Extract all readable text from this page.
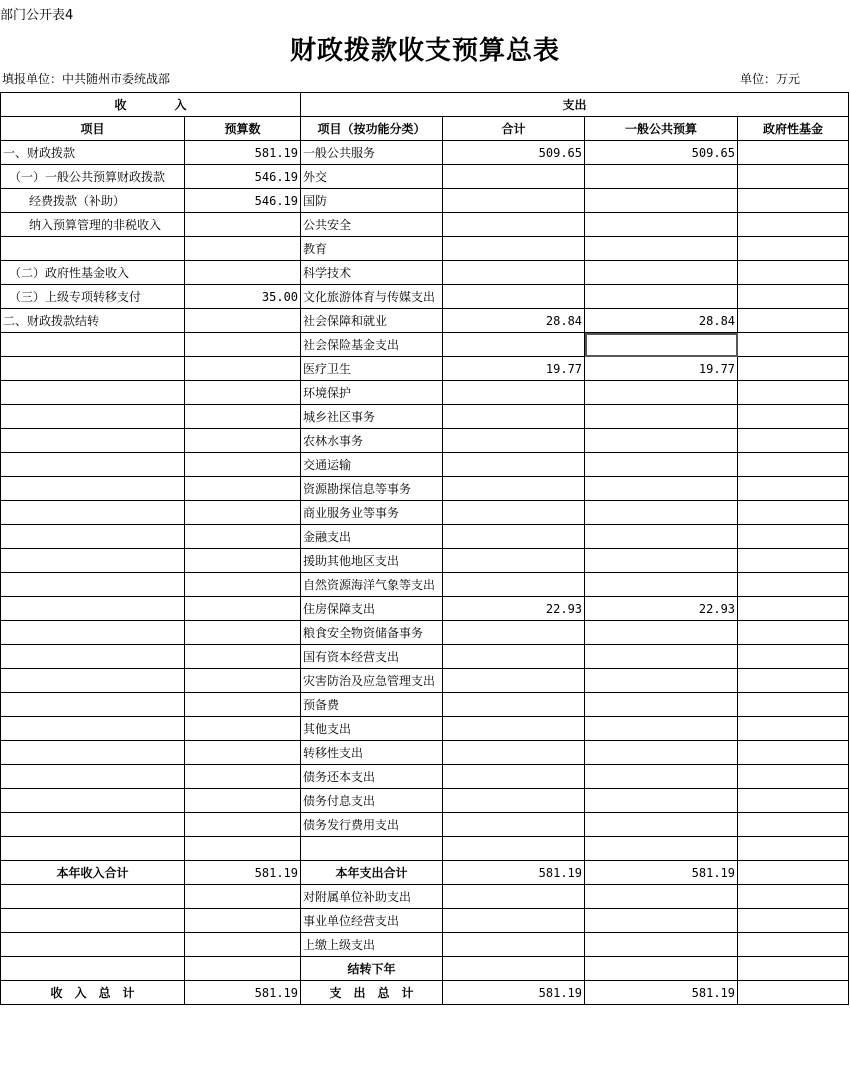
部门公开表4
财政拨款收支预算总表
填报单位：中共随州市委统战部	单位：万元
收　　　　入		支出			
项目	预算数	项目（按功能分类）	合计	一般公共预算	政府性基金
一、财政拨款	581.19	一般公共服务	509.65	509.65	
（一）一般公共预算财政拨款	546.19	外交			
经费拨款（补助）	546.19	国防			
纳入预算管理的非税收入		公共安全			
		教育			
（二）政府性基金收入		科学技术			
（三）上级专项转移支付	35.00	文化旅游体育与传媒支出			
二、财政拨款结转		社会保障和就业	28.84	28.84	
		社会保险基金支出			
		医疗卫生	19.77	19.77	
		环境保护			
		城乡社区事务			
		农林水事务			
		交通运输			
		资源勘探信息等事务			
		商业服务业等事务			
		金融支出			
		援助其他地区支出			
		自然资源海洋气象等支出			
		住房保障支出	22.93	22.93	
		粮食安全物资储备事务			
		国有资本经营支出			
		灾害防治及应急管理支出			
		预备费			
		其他支出			
		转移性支出			
		债务还本支出			
		债务付息支出			
		债务发行费用支出			

本年收入合计	581.19	本年支出合计	581.19	581.19	
		对附属单位补助支出			
		事业单位经营支出			
		上缴上级支出			
		结转下年			
收　入　总　计	581.19	支　出　总　计	581.19	581.19	
